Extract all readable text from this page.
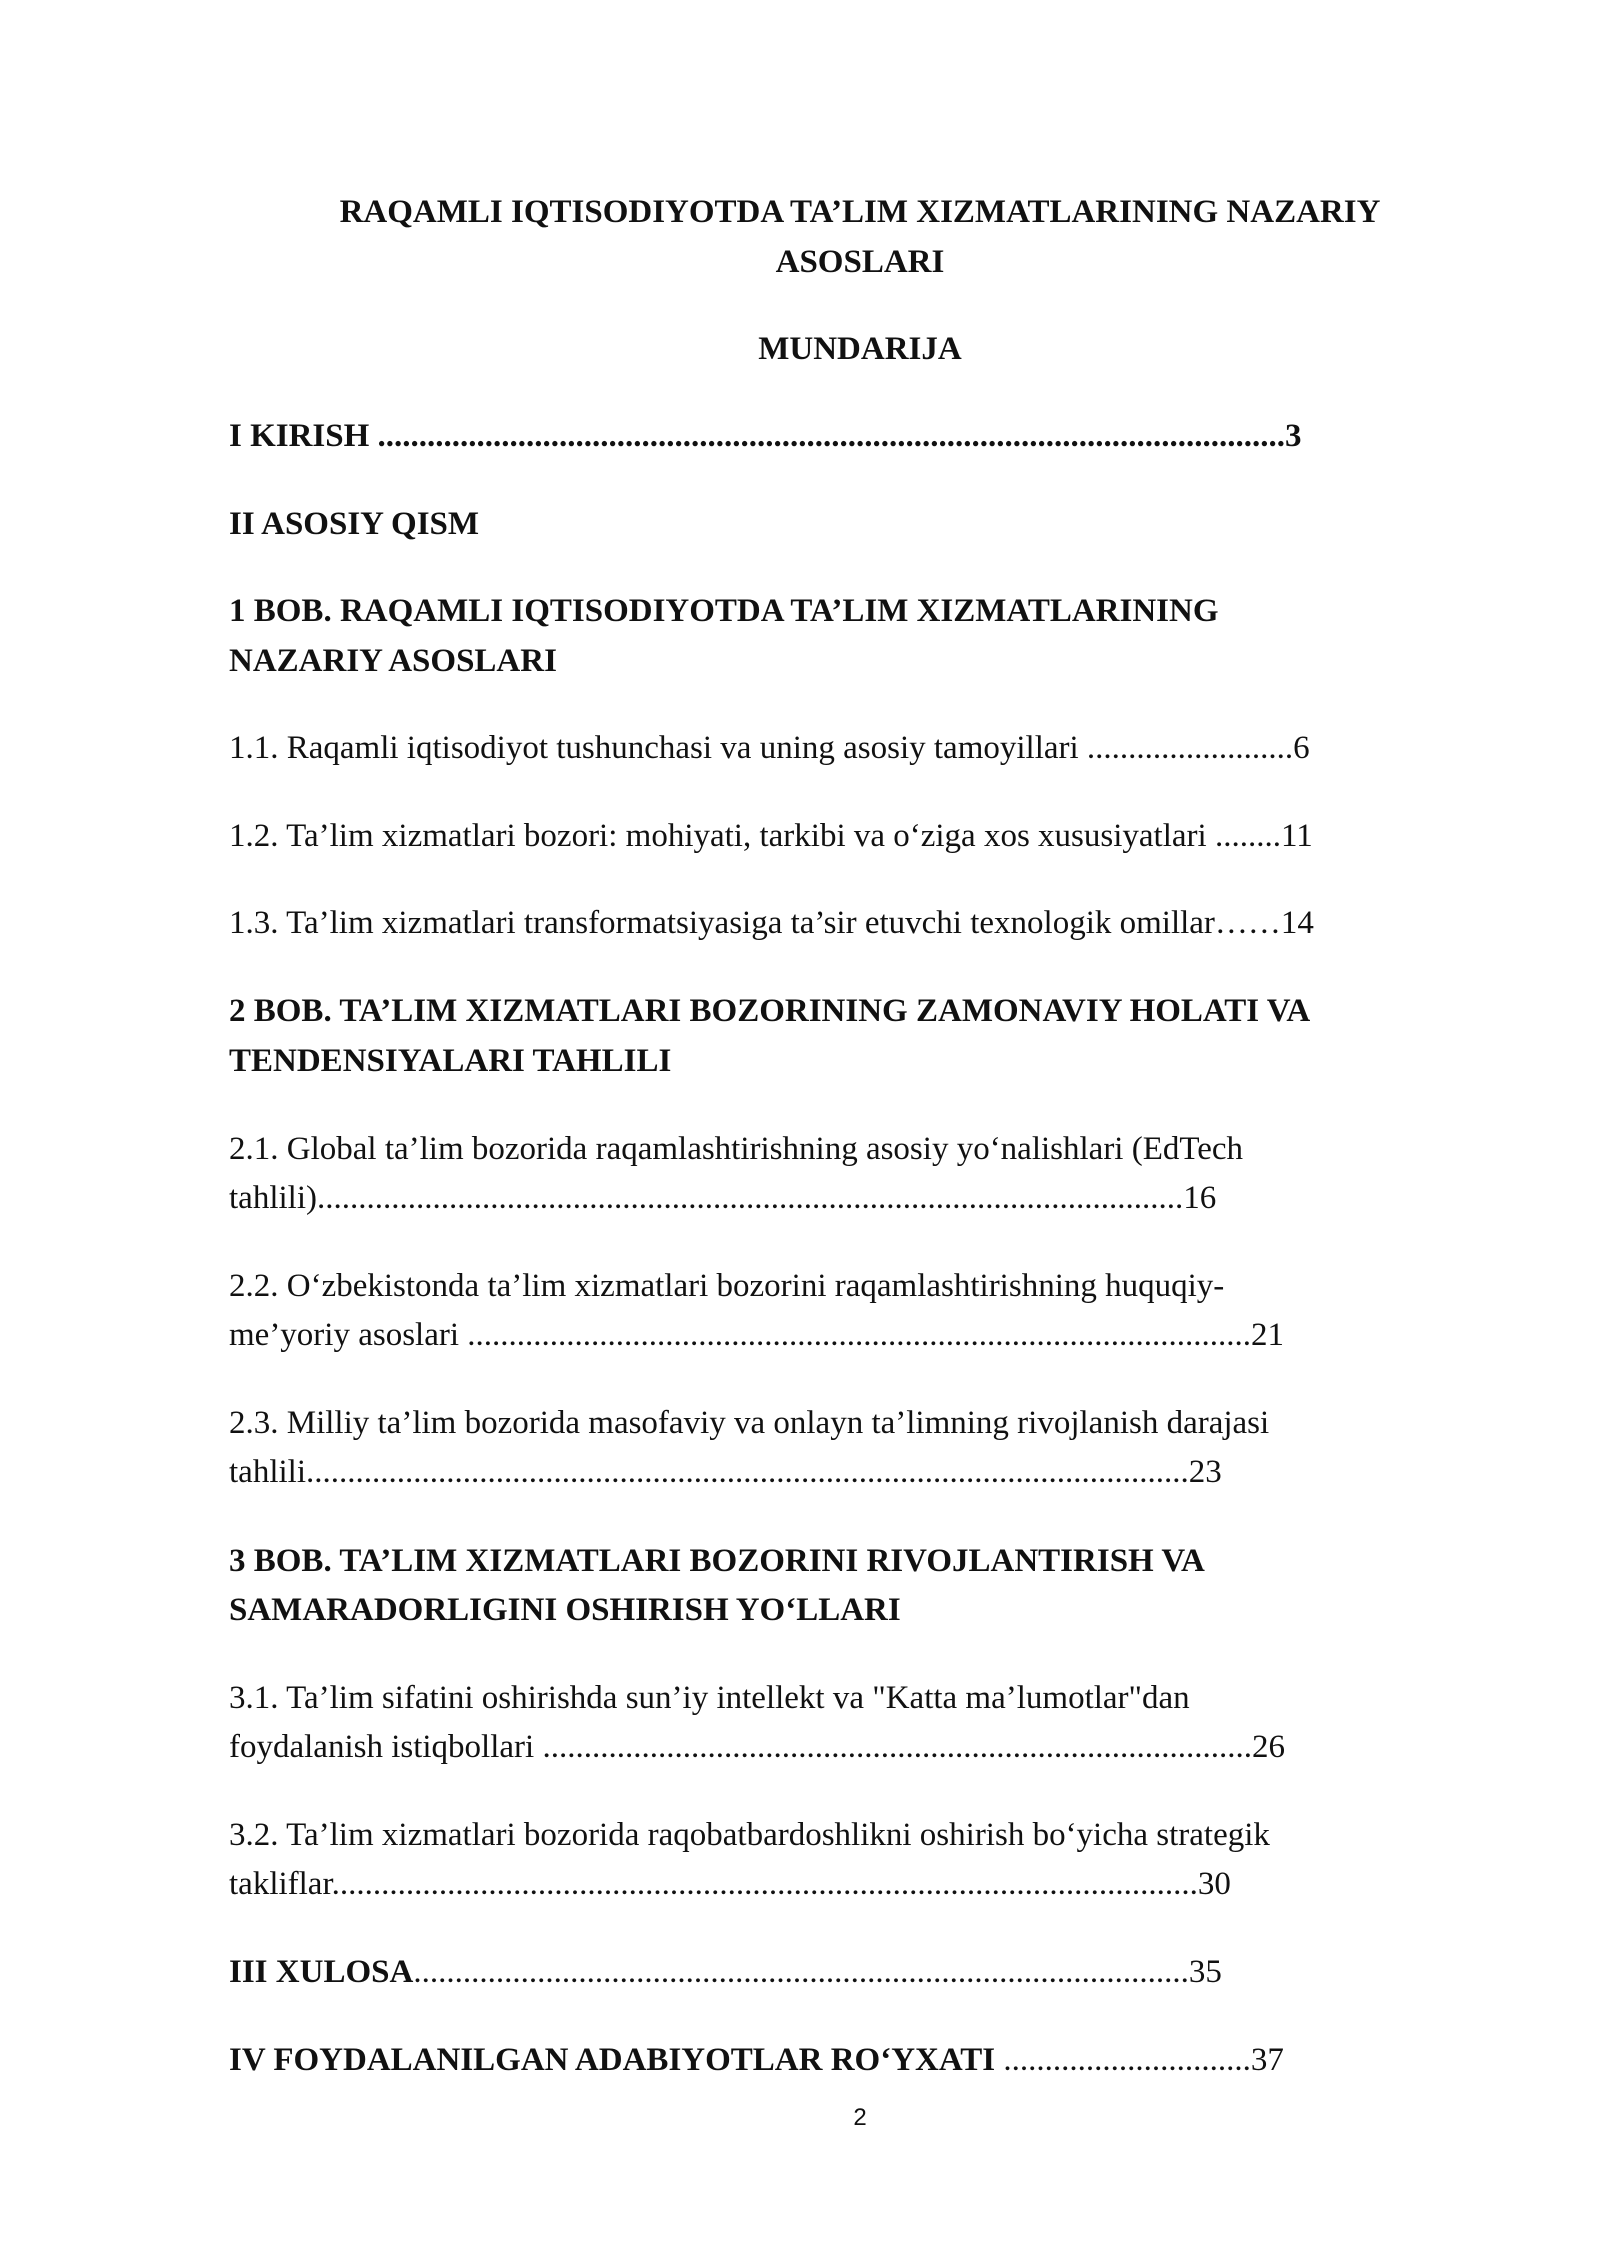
RAQAMLI IQTISODIYOTDA TA’LIM XIZMATLARINING NAZARIY

ASOSLARI

MUNDARIJA

I KIRISH ..............................................................................................................3

II ASOSIY QISM

1 BOB. RAQAMLI IQTISODIYOTDA TA’LIM XIZMATLARINING

NAZARIY ASOSLARI

1.1. Raqamli iqtisodiyot tushunchasi va uning asosiy tamoyillari .........................6

1.2. Ta’lim xizmatlari bozori: mohiyati, tarkibi va o‘ziga xos xususiyatlari ........11

1.3. Ta’lim xizmatlari transformatsiyasiga ta’sir etuvchi texnologik omillar……14

2 BOB. TA’LIM XIZMATLARI BOZORINING ZAMONAVIY HOLATI VA

TENDENSIYALARI TAHLILI

2.1. Global ta’lim bozorida raqamlashtirishning asosiy yo‘nalishlari (EdTech

tahlili).........................................................................................................16

2.2. O‘zbekistonda ta’lim xizmatlari bozorini raqamlashtirishning huquqiy-

me’yoriy asoslari ...............................................................................................21

2.3. Milliy ta’lim bozorida masofaviy va onlayn ta’limning rivojlanish darajasi

tahlili...........................................................................................................23

3 BOB. TA’LIM XIZMATLARI BOZORINI RIVOJLANTIRISH VA

SAMARADORLIGINI OSHIRISH YO‘LLARI

3.1. Ta’lim sifatini oshirishda sun’iy intellekt va "Katta ma’lumotlar"dan

foydalanish istiqbollari ......................................................................................26

3.2. Ta’lim xizmatlari bozorida raqobatbardoshlikni oshirish bo‘yicha strategik

takliflar.........................................................................................................30

III XULOSA..............................................................................................35

IV FOYDALANILGAN ADABIYOTLAR RO‘YXATI ..............................37

2
